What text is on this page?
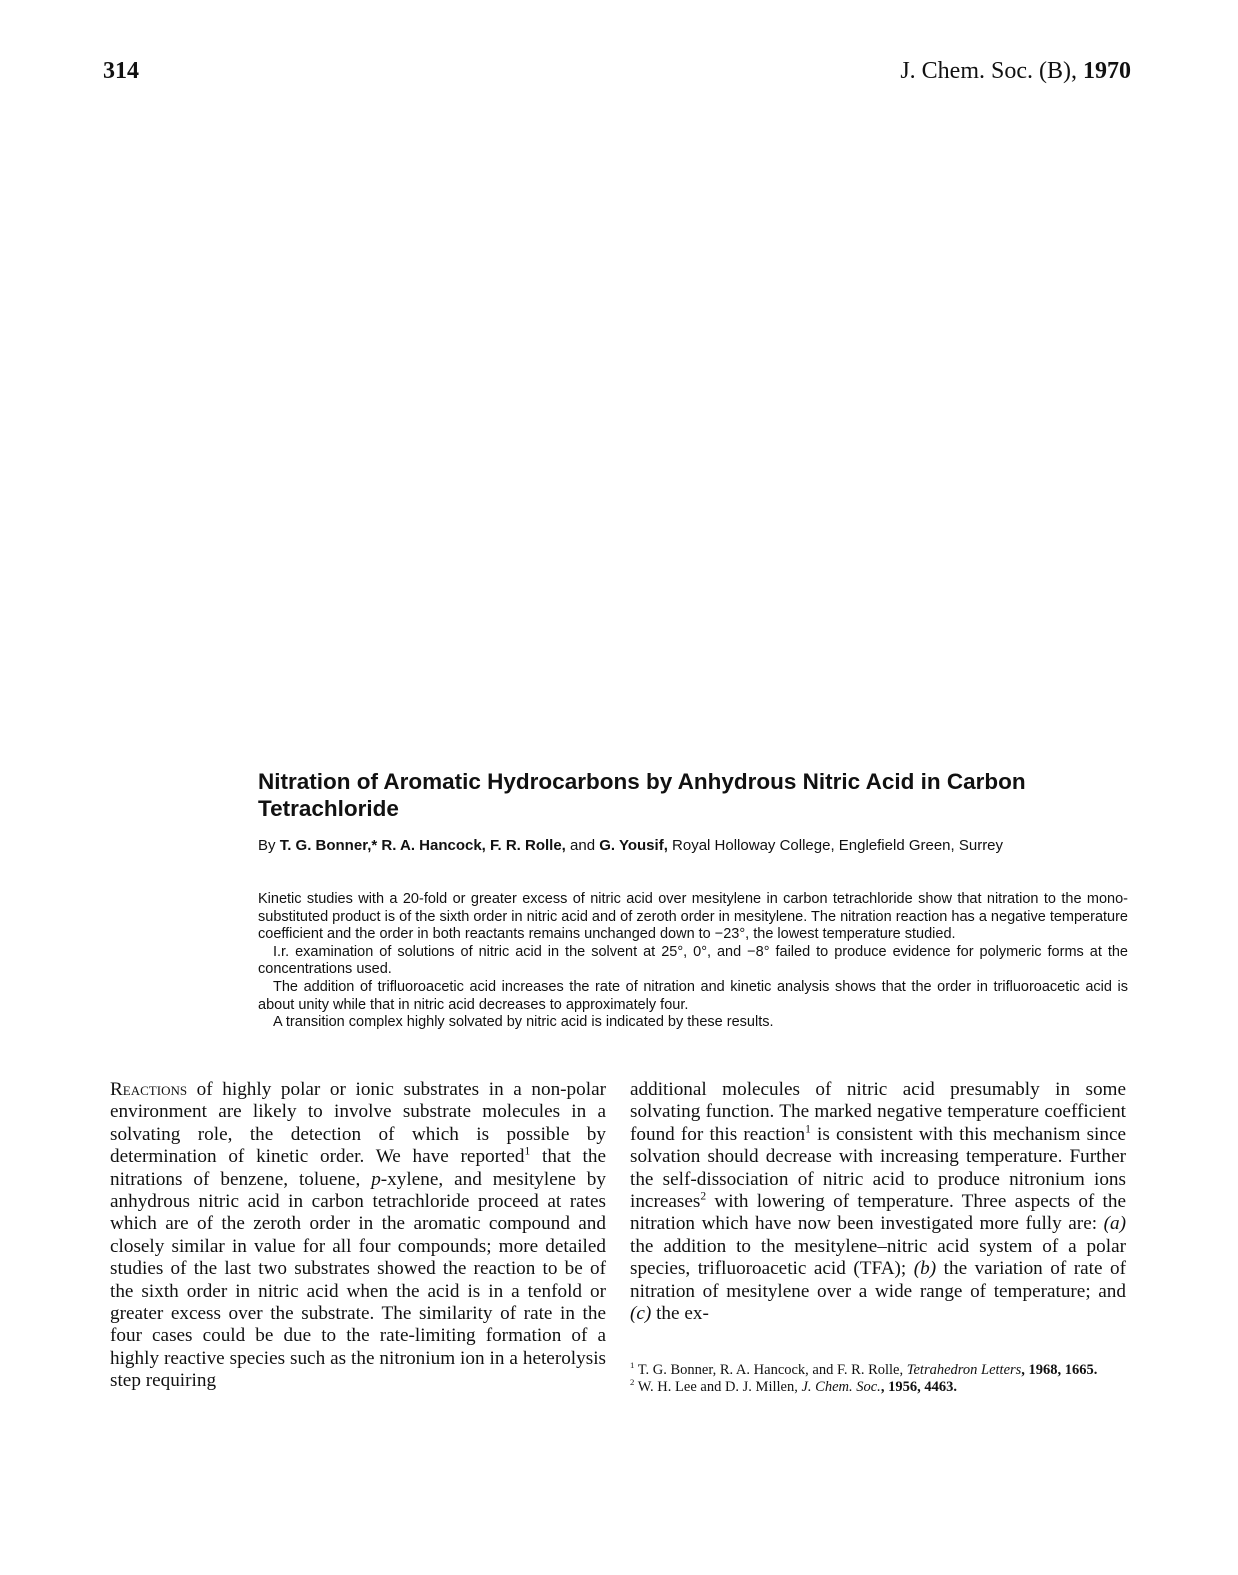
314	J. Chem. Soc. (B), 1970
Nitration of Aromatic Hydrocarbons by Anhydrous Nitric Acid in Carbon Tetrachloride
By T. G. Bonner,* R. A. Hancock, F. R. Rolle, and G. Yousif, Royal Holloway College, Englefield Green, Surrey

Kinetic studies with a 20-fold or greater excess of nitric acid over mesitylene in carbon tetrachloride show that nitration to the mono-substituted product is of the sixth order in nitric acid and of zeroth order in mesitylene. The nitration reaction has a negative temperature coefficient and the order in both reactants remains unchanged down to −23°, the lowest temperature studied.

I.r. examination of solutions of nitric acid in the solvent at 25°, 0°, and −8° failed to produce evidence for polymeric forms at the concentrations used.

The addition of trifluoroacetic acid increases the rate of nitration and kinetic analysis shows that the order in trifluoroacetic acid is about unity while that in nitric acid decreases to approximately four.

A transition complex highly solvated by nitric acid is indicated by these results.

Reactions of highly polar or ionic substrates in a non-polar environment are likely to involve substrate molecules in a solvating role, the detection of which is possible by determination of kinetic order. We have reported$^1$ that the nitrations of benzene, toluene, p-xylene, and mesitylene by anhydrous nitric acid in carbon tetrachloride proceed at rates which are of the zeroth order in the aromatic compound and closely similar in value for all four compounds; more detailed studies of the last two substrates showed the reaction to be of the sixth order in nitric acid when the acid is in a tenfold or greater excess over the substrate. The similarity of rate in the four cases could be due to the rate-limiting formation of a highly reactive species such as the nitronium ion in a heterolysis step requiring

additional molecules of nitric acid presumably in some solvating function. The marked negative temperature coefficient found for this reaction$^1$ is consistent with this mechanism since solvation should decrease with increasing temperature. Further the self-dissociation of nitric acid to produce nitronium ions increases$^2$ with lowering of temperature. Three aspects of the nitration which have now been investigated more fully are: (a) the addition to the mesitylene–nitric acid system of a polar species, trifluoroacetic acid (TFA); (b) the variation of rate of nitration of mesitylene over a wide range of temperature; and (c) the ex-

$^1$ T. G. Bonner, R. A. Hancock, and F. R. Rolle, Tetrahedron Letters, 1968, 1665.

$^2$ W. H. Lee and D. J. Millen, J. Chem. Soc., 1956, 4463.
